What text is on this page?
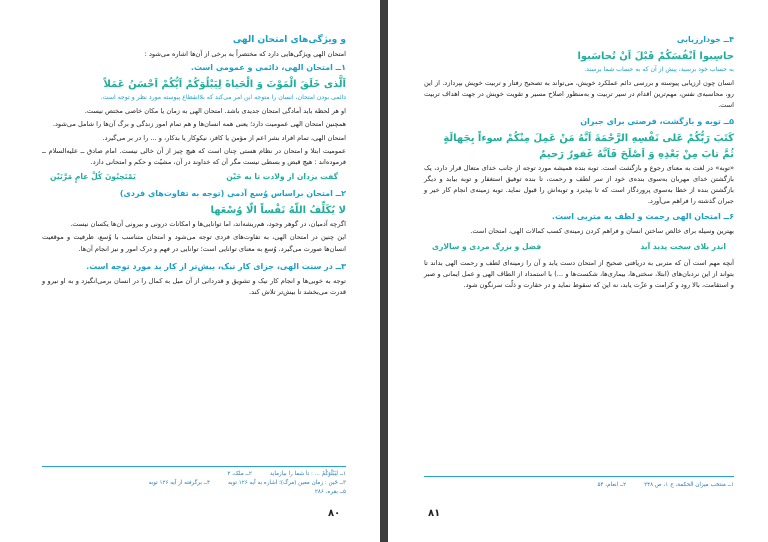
و ویژگی‌های امتحان الهی
امتحان الهی ویژگی‌هایی دارد که مختصراً به برخی از آن‌ها اشاره می‌شود :
۱ــ امتحان الهی، دائمی و عمومی است.
اَلَّذی خَلَقَ الْمَوْتَ وَ الْحَیاةَ لِیَبْلُوَکُمْ اَیُّکُمْ اَحْسَنُ عَمَلاً
دائمی بودن امتحان، انسان را متوجه این امر می‌کند که بلاانقطاع پیوسته مورد نظر و توجه است.
او هر لحظه باید آمادگی امتحان جدیدی باشد. امتحان الهی به زمان یا مکان خاصی مختص نیست.
همچنین امتحان الهی عمومیت دارد؛ یعنی همه انسان‌ها و هم تمام امور زندگی و برگ آن‌ها را شامل می‌شود.
امتحان الهی، تمام افراد بشر اعم از مؤمن یا کافر، نیکوکار یا بدکار، و ... را در بر می‌گیرد.
عمومیت ابتلا و امتحان در نظام هستی چنان است که هیچ چیز از آن خالی نیست. امام صادق ــ علیه‌السلام ــ فرموده‌اند : هیچ قبض و بسطی نیست مگر آن که خداوند در آن، مشیّت و حکم و امتحانی دارد.
گفت یزدان از ولادت تا به حَیْن
یَمْتَحِنُونَ کُلَّ عامٍ مَرَّتَیْن
۲ــ امتحان براساس وُسع آدمی (توجه به تفاوت‌های فردی)
لا یُکَلِّفُ اللّهُ نَفْساً الّا وُسْعَها
اگرچه آدمیان، در گوهر وجود، هم‌ریشه‌اند، اما توانایی‌ها و امکانات درونی و بیرونی آن‌ها یکسان نیست.
این چنین در امتحان الهی، به تفاوت‌های فردی توجه می‌شود و امتحان متناسب با وُسع، ظرفیت و موقعیت انسان‌ها صورت می‌گیرد. وُسع به معنای توانایی است؛ توانایی در فهم و درک امور و نیز انجام آن‌ها.
۳ــ در سنت الهی، جزای کار نیک، بیش‌تر از کار بد مورد توجه است.
توجه به خوبی‌ها و انجام کار نیک و تشویق و قدردانی از آن میل به کمال را در انسان برمی‌انگیزد و به او نیرو و قدرت می‌بخشد تا بیش‌تر تلاش کند.
۱ــ لِیَبْلُوَکُمْ ... : تا شما را بیازماید
۲ــ ملک، ۲
۳ــ حَین : زمان معین (مرگ)؛ اشاره به آیه ۱۲۶ توبه
۴ــ برگرفته از آیه ۱۲۶ توبه
۵ــ بقره، ۲۸۶
۸۰
۴ــ خودارزیابی
حاسِبوا اَنْفُسَکُمْ قَبْلَ اَنْ تُحاسَبوا
به حساب خود برسید، پیش از آن که به حساب شما برسند.
انسان چون ارزیابی پیوسته و بررسی دائم عملکرد خویش، می‌تواند به تصحیح رفتار و تربیت خویش بپردازد. از این رو، محاسبه‌ی نفس، مهم‌ترین اقدام در سیر تربیت و به‌منظور اصلاح مسیر و تقویت خویش در جهت اهداف تربیت است.
۵ــ توبه و بازگشت، فرصتی برای جبران
کَتَبَ رَبُّکُمْ عَلی نَفْسِهِ الرَّحْمَةَ اَنَّهُ مَنْ عَمِلَ مِنْکُمْ سوءاً بِجَهالَةٍ
ثُمَّ تابَ مِنْ بَعْدِهِ وَ اَصْلَحَ فَاَنَّهُ غَفورٌ رَحیمٌ
«توبه» در لغت به معنای رجوع و بازگشت است. توبه بنده همیشه مورد توجه از جانب خدای متعال قرار دارد، یک بازگشتن خدای مهربان به‌سوی بنده‌ی خود از سر لطف و رحمت، تا بنده توفیق استغفار و توبه بیابد و دیگر بازگشتن بنده از خطا به‌سوی پروردگار است که تا بپذیرد و توبه‌اش را قبول نماید. توبه زمینه‌ی انجام کار خیر و جبران گذشته را فراهم می‌آورد.
۶ــ امتحان الهی رحمت و لطف به متربی است.
بهترین وسیله برای خالص ساختن انسان و فراهم کردن زمینه‌ی کسب کمالات الهی، امتحان است.
اندر بلای سخت پدید آید
فضل و بزرگ مردی و سالاری
آنچه مهم است آن که متربی به دریافتی صحیح از امتحان دست یابد و آن را زمینه‌ای لطف و رحمت الهی بداند تا بتواند از این نردبان‌های (ابتلا، سختی‌ها، بیماری‌ها، شکست‌ها و ...) با استمداد از الطاف الهی و عمل ایمانی و صبر و استقامت، بالا رود و کرامت و عزّت یابد، نه این که سقوط نماید و در حقارت و ذلّت سرنگون شود.
۱ــ منتخب میزان الحکمة، ج ۱، ص ۲۴۸
۲ــ انعام، ۵۴
۸۱
